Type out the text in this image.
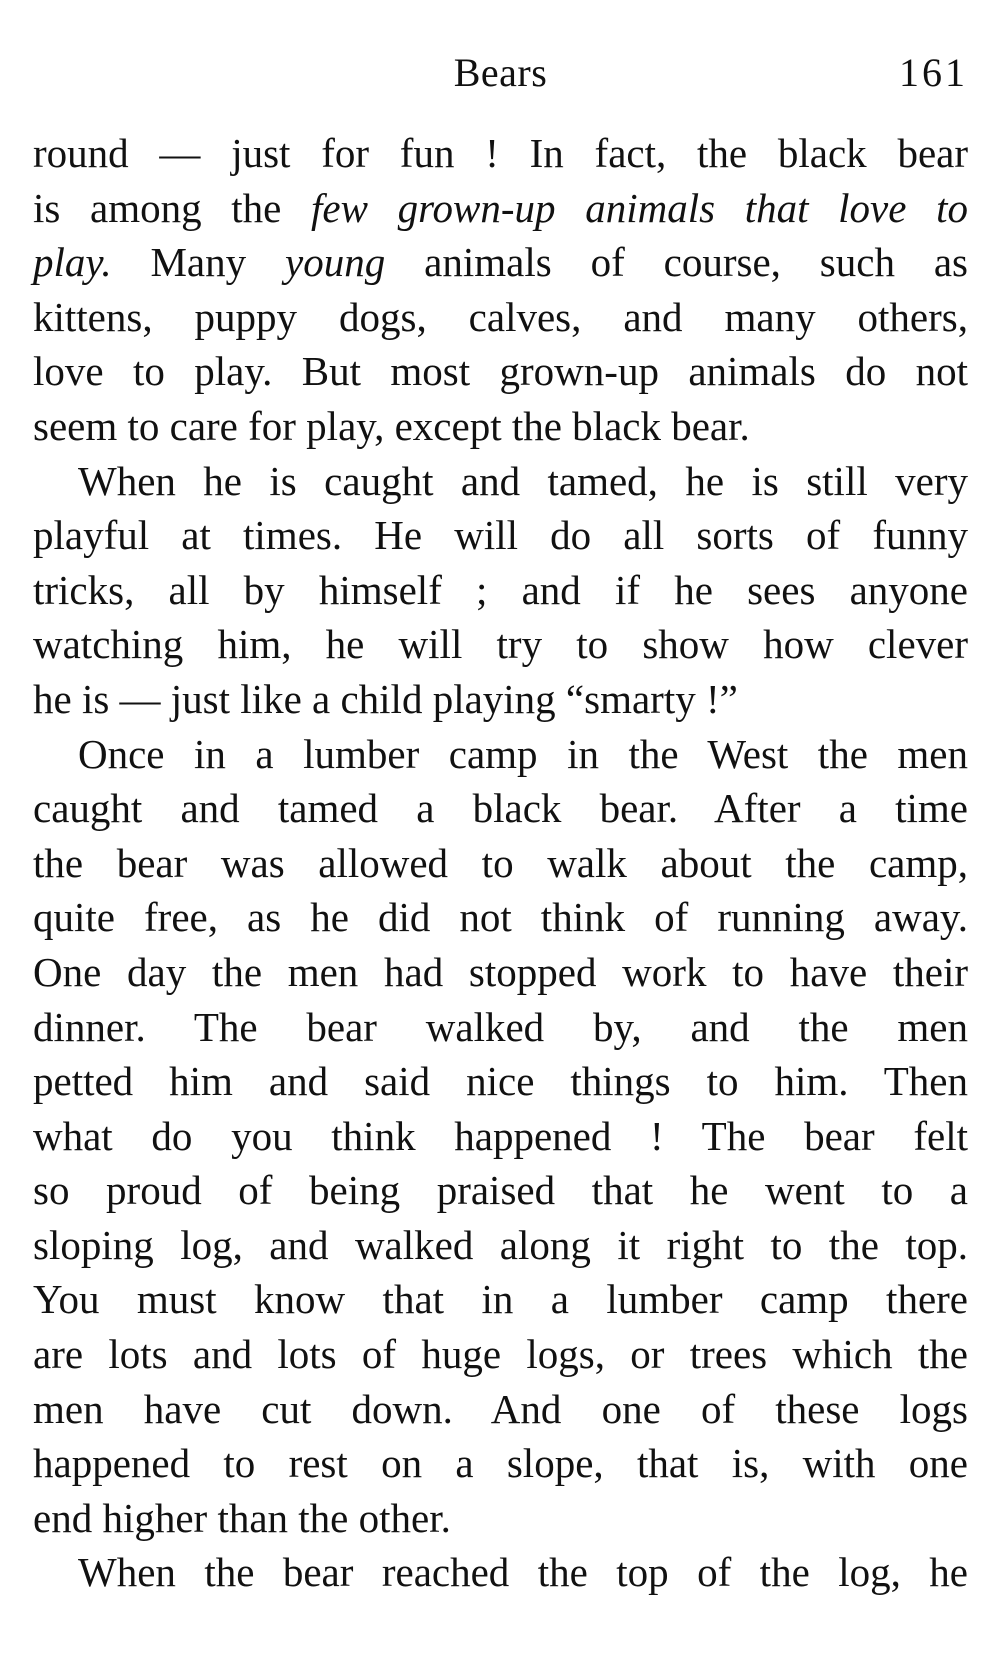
Bears	161
round — just for fun ! In fact, the black bear
is among the few grown-up animals that love to
play. Many young animals of course, such as
kittens, puppy dogs, calves, and many others,
love to play. But most grown-up animals do not
seem to care for play, except the black bear.
When he is caught and tamed, he is still very
playful at times. He will do all sorts of funny
tricks, all by himself ; and if he sees anyone
watching him, he will try to show how clever
he is — just like a child playing “smarty !”
Once in a lumber camp in the West the men
caught and tamed a black bear. After a time
the bear was allowed to walk about the camp,
quite free, as he did not think of running away.
One day the men had stopped work to have their
dinner. The bear walked by, and the men
petted him and said nice things to him. Then
what do you think happened ! The bear felt
so proud of being praised that he went to a
sloping log, and walked along it right to the top.
You must know that in a lumber camp there
are lots and lots of huge logs, or trees which the
men have cut down. And one of these logs
happened to rest on a slope, that is, with one
end higher than the other.
When the bear reached the top of the log, he
